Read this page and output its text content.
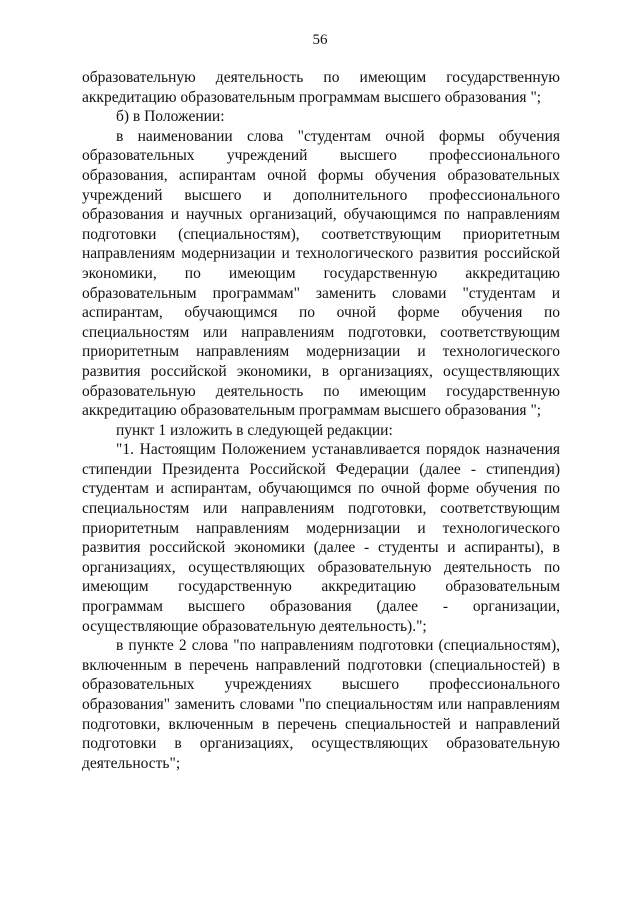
56

образовательную деятельность по имеющим государственную аккредитацию образовательным программам высшего образования ";

б) в Положении:

в наименовании слова "студентам очной формы обучения образовательных учреждений высшего профессионального образования, аспирантам очной формы обучения образовательных учреждений высшего и дополнительного профессионального образования и научных организаций, обучающимся по направлениям подготовки (специальностям), соответствующим приоритетным направлениям модернизации и технологического развития российской экономики, по имеющим государственную аккредитацию образовательным программам" заменить словами "студентам и аспирантам, обучающимся по очной форме обучения по специальностям или направлениям подготовки, соответствующим приоритетным направлениям модернизации и технологического развития российской экономики, в организациях, осуществляющих образовательную деятельность по имеющим государственную аккредитацию образовательным программам высшего образования ";

пункт 1 изложить в следующей редакции:

"1. Настоящим Положением устанавливается порядок назначения стипендии Президента Российской Федерации (далее - стипендия) студентам и аспирантам, обучающимся по очной форме обучения по специальностям или направлениям подготовки, соответствующим приоритетным направлениям модернизации и технологического развития российской экономики (далее - студенты и аспиранты), в организациях, осуществляющих образовательную деятельность по имеющим государственную аккредитацию образовательным программам высшего образования (далее - организации, осуществляющие образовательную деятельность).";

в пункте 2 слова "по направлениям подготовки (специальностям), включенным в перечень направлений подготовки (специальностей) в образовательных учреждениях высшего профессионального образования" заменить словами "по специальностям или направлениям подготовки, включенным в перечень специальностей и направлений подготовки в организациях, осуществляющих образовательную деятельность";
